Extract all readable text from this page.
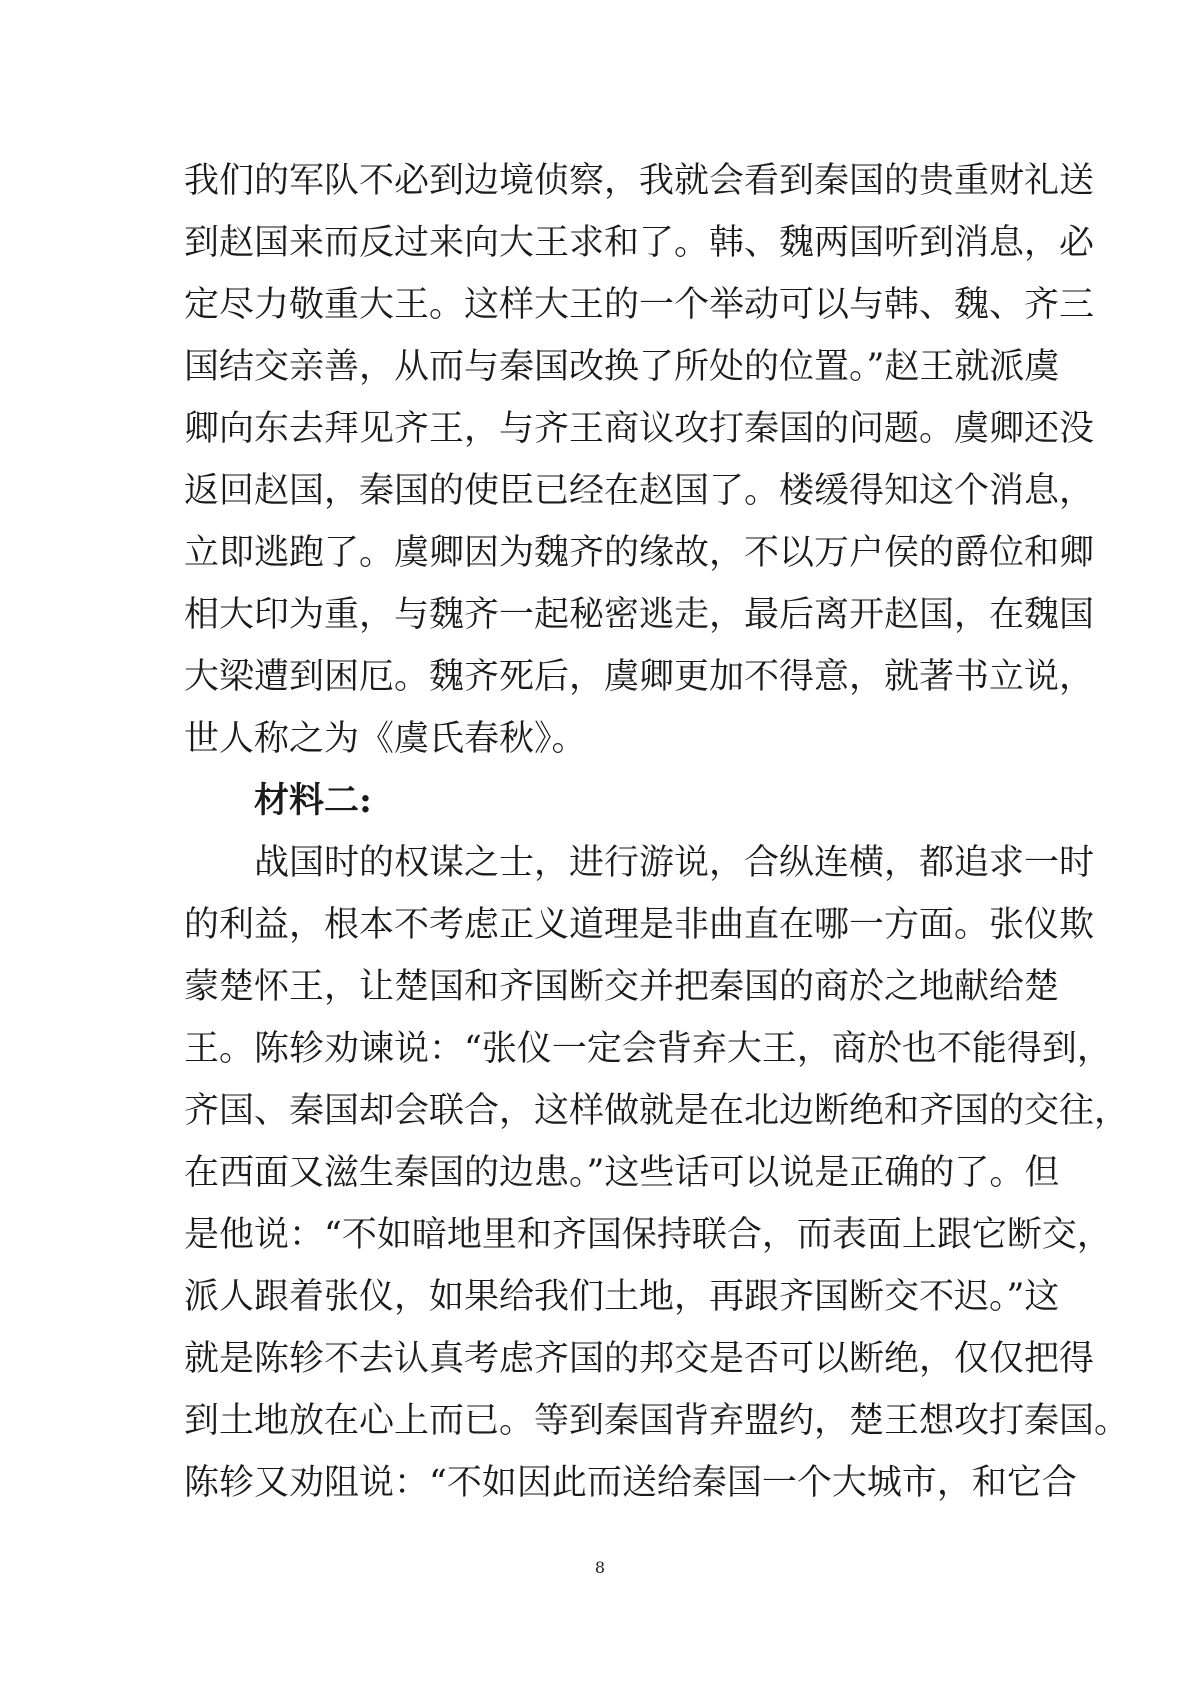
我们的军队不必到边境侦察，我就会看到秦国的贵重财礼送
到赵国来而反过来向大王求和了。韩、魏两国听到消息，必
定尽力敬重大王。这样大王的一个举动可以与韩、魏、齐三
国结交亲善，从而与秦国改换了所处的位置。”赵王就派虞
卿向东去拜见齐王，与齐王商议攻打秦国的问题。虞卿还没
返回赵国，秦国的使臣已经在赵国了。楼缓得知这个消息，
立即逃跑了。虞卿因为魏齐的缘故，不以万户侯的爵位和卿
相大印为重，与魏齐一起秘密逃走，最后离开赵国，在魏国
大梁遭到困厄。魏齐死后，虞卿更加不得意，就著书立说，
世人称之为《虞氏春秋》。
材料二:
战国时的权谋之士，进行游说，合纵连横，都追求一时
的利益，根本不考虑正义道理是非曲直在哪一方面。张仪欺
蒙楚怀王，让楚国和齐国断交并把秦国的商於之地献给楚
王。陈轸劝谏说：“张仪一定会背弃大王，商於也不能得到，
齐国、秦国却会联合，这样做就是在北边断绝和齐国的交往，
在西面又滋生秦国的边患。”这些话可以说是正确的了。但
是他说：“不如暗地里和齐国保持联合，而表面上跟它断交，
派人跟着张仪，如果给我们土地，再跟齐国断交不迟。”这
就是陈轸不去认真考虑齐国的邦交是否可以断绝，仅仅把得
到土地放在心上而已。等到秦国背弃盟约，楚王想攻打秦国。
陈轸又劝阻说：“不如因此而送给秦国一个大城市，和它合
8
